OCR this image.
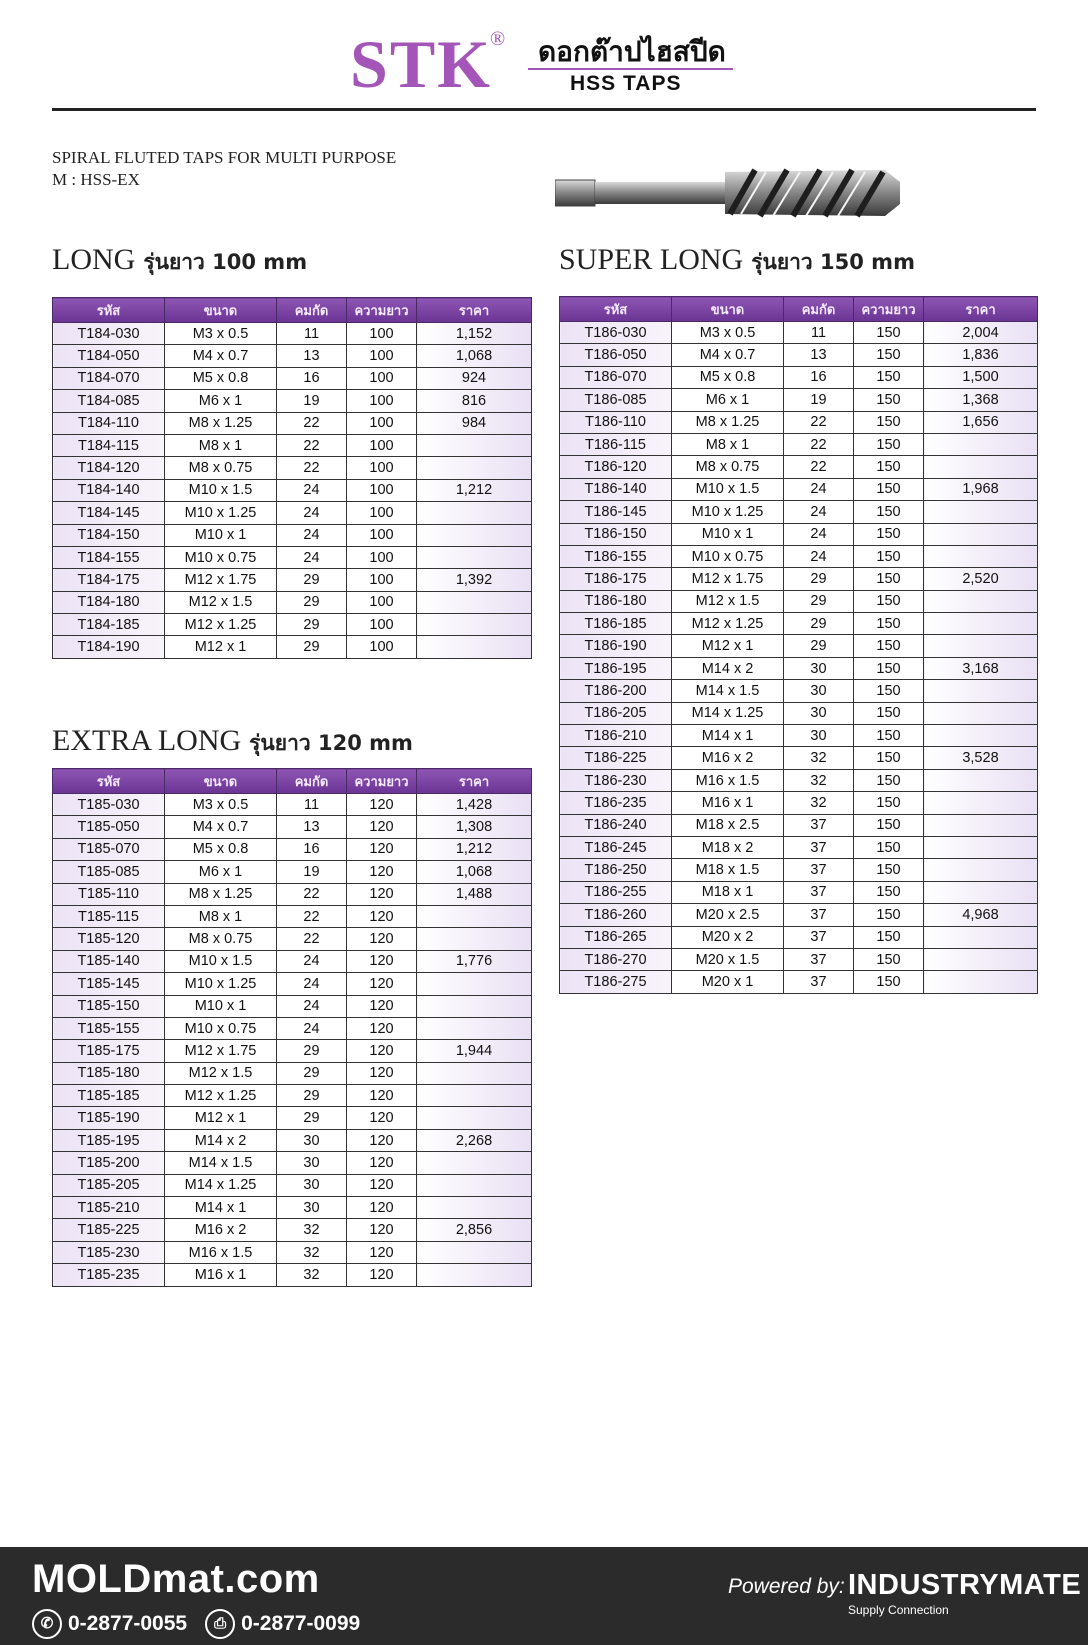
STK
® ดอกต๊าปไฮสปีด
HSS TAPS
SPIRAL FLUTED TAPS FOR MULTI PURPOSE
M : HSS-EX
LONG รุ่นยาว 100 mm
รหัส	ขนาด	คมกัด	ความยาว	ราคา
T184-030	M3 x 0.5	11	100	1,152
T184-050	M4 x 0.7	13	100	1,068
T184-070	M5 x 0.8	16	100	924
T184-085	M6 x 1	19	100	816
T184-110	M8 x 1.25	22	100	984
T184-115	M8 x 1	22	100	
T184-120	M8 x 0.75	22	100	
T184-140	M10 x 1.5	24	100	1,212
T184-145	M10 x 1.25	24	100	
T184-150	M10 x 1	24	100	
T184-155	M10 x 0.75	24	100	
T184-175	M12 x 1.75	29	100	1,392
T184-180	M12 x 1.5	29	100	
T184-185	M12 x 1.25	29	100	
T184-190	M12 x 1	29	100	
EXTRA LONG รุ่นยาว 120 mm
รหัส	ขนาด	คมกัด	ความยาว	ราคา
T185-030	M3 x 0.5	11	120	1,428
T185-050	M4 x 0.7	13	120	1,308
T185-070	M5 x 0.8	16	120	1,212
T185-085	M6 x 1	19	120	1,068
T185-110	M8 x 1.25	22	120	1,488
T185-115	M8 x 1	22	120	
T185-120	M8 x 0.75	22	120	
T185-140	M10 x 1.5	24	120	1,776
T185-145	M10 x 1.25	24	120	
T185-150	M10 x 1	24	120	
T185-155	M10 x 0.75	24	120	
T185-175	M12 x 1.75	29	120	1,944
T185-180	M12 x 1.5	29	120	
T185-185	M12 x 1.25	29	120	
T185-190	M12 x 1	29	120	
T185-195	M14 x 2	30	120	2,268
T185-200	M14 x 1.5	30	120	
T185-205	M14 x 1.25	30	120	
T185-210	M14 x 1	30	120	
T185-225	M16 x 2	32	120	2,856
T185-230	M16 x 1.5	32	120	
T185-235	M16 x 1	32	120	
SUPER LONG รุ่นยาว 150 mm
รหัส	ขนาด	คมกัด	ความยาว	ราคา
T186-030	M3 x 0.5	11	150	2,004
T186-050	M4 x 0.7	13	150	1,836
T186-070	M5 x 0.8	16	150	1,500
T186-085	M6 x 1	19	150	1,368
T186-110	M8 x 1.25	22	150	1,656
T186-115	M8 x 1	22	150	
T186-120	M8 x 0.75	22	150	
T186-140	M10 x 1.5	24	150	1,968
T186-145	M10 x 1.25	24	150	
T186-150	M10 x 1	24	150	
T186-155	M10 x 0.75	24	150	
T186-175	M12 x 1.75	29	150	2,520
T186-180	M12 x 1.5	29	150	
T186-185	M12 x 1.25	29	150	
T186-190	M12 x 1	29	150	
T186-195	M14 x 2	30	150	3,168
T186-200	M14 x 1.5	30	150	
T186-205	M14 x 1.25	30	150	
T186-210	M14 x 1	30	150	
T186-225	M16 x 2	32	150	3,528
T186-230	M16 x 1.5	32	150	
T186-235	M16 x 1	32	150	
T186-240	M18 x 2.5	37	150	
T186-245	M18 x 2	37	150	
T186-250	M18 x 1.5	37	150	
T186-255	M18 x 1	37	150	
T186-260	M20 x 2.5	37	150	4,968
T186-265	M20 x 2	37	150	
T186-270	M20 x 1.5	37	150	
T186-275	M20 x 1	37	150	
MOLDmat.com
✆ 0-2877-0055	⎙ 0-2877-0099
Powered by: INDUSTRYMATE
Supply Connection
